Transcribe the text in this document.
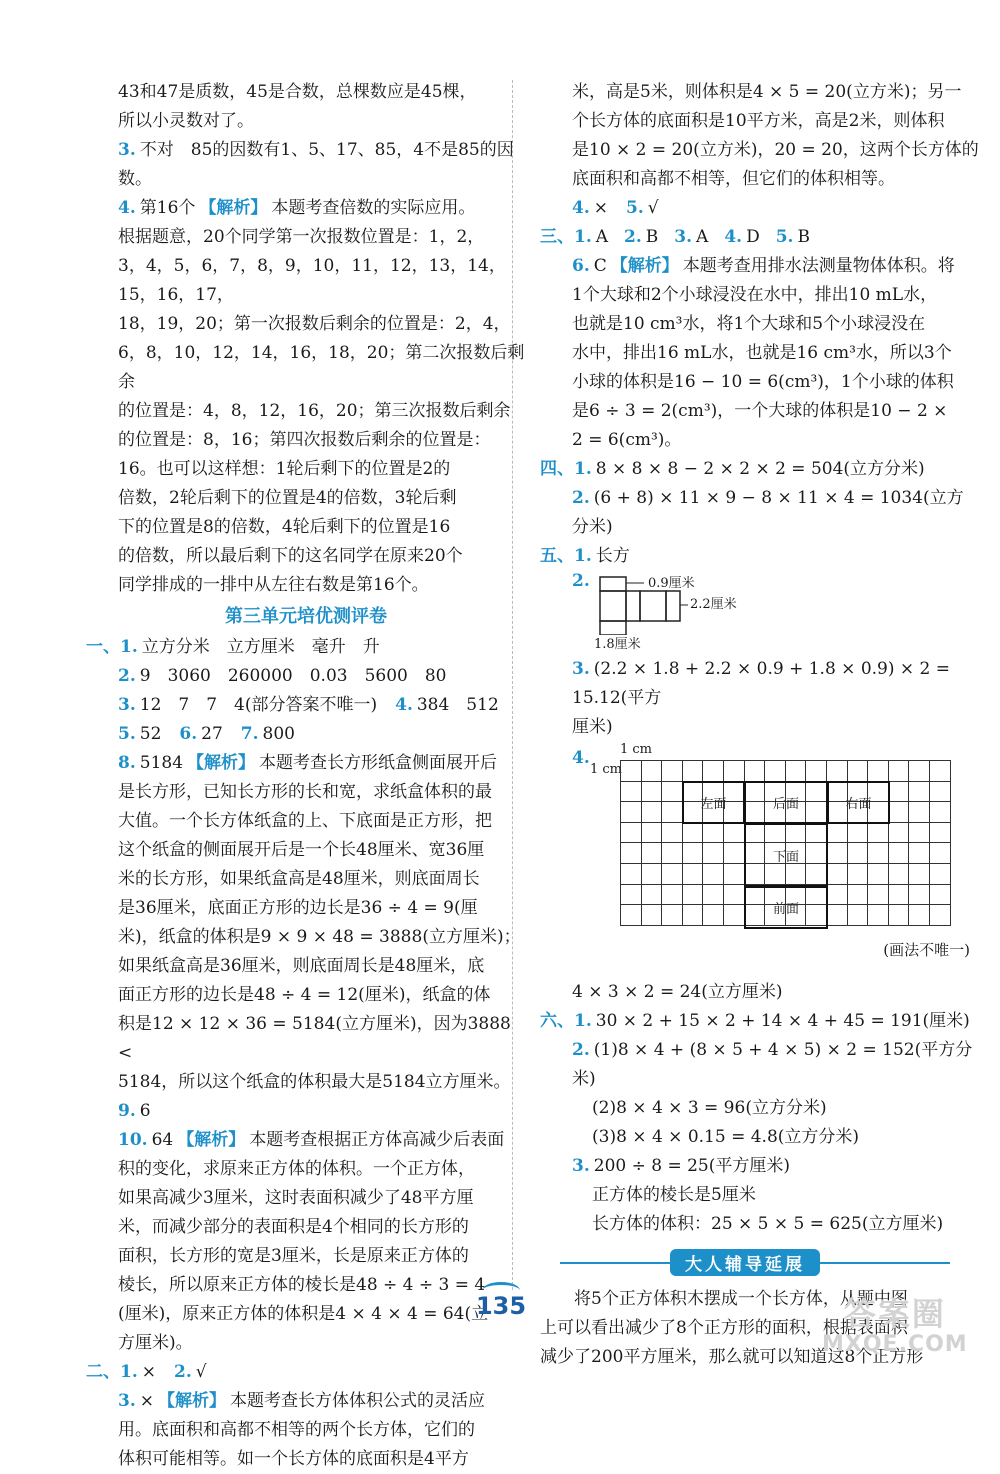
43和47是质数，45是合数，总棵数应是45棵，

所以小灵数对了。

3. 不对　85的因数有1、5、17、85，4不是85的因数。

4. 第16个 【解析】 本题考查倍数的实际应用。

根据题意，20个同学第一次报数位置是：1，2，

3，4，5，6，7，8，9，10，11，12，13，14，15，16，17，

18，19，20；第一次报数后剩余的位置是：2，4，

6，8，10，12，14，16，18，20；第二次报数后剩余

的位置是：4，8，12，16，20；第三次报数后剩余

的位置是：8，16；第四次报数后剩余的位置是：

16。也可以这样想：1轮后剩下的位置是2的

倍数，2轮后剩下的位置是4的倍数，3轮后剩

下的位置是8的倍数，4轮后剩下的位置是16

的倍数，所以最后剩下的这名同学在原来20个

同学排成的一排中从左往右数是第16个。

第三单元培优测评卷

一、1. 立方分米　立方厘米　毫升　升

2. 9　3060　260000　0.03　5600　80

3. 12　7　7　4(部分答案不唯一) 4. 384　512

5. 52 6. 27 7. 800

8. 5184 【解析】 本题考查长方形纸盒侧面展开后

是长方形，已知长方形的长和宽，求纸盒体积的最

大值。一个长方体纸盒的上、下底面是正方形，把

这个纸盒的侧面展开后是一个长48厘米、宽36厘

米的长方形，如果纸盒高是48厘米，则底面周长

是36厘米，底面正方形的边长是36 ÷ 4 = 9(厘

米)，纸盒的体积是9 × 9 × 48 = 3888(立方厘米)；

如果纸盒高是36厘米，则底面周长是48厘米，底

面正方形的边长是48 ÷ 4 = 12(厘米)，纸盒的体

积是12 × 12 × 36 = 5184(立方厘米)，因为3888 <

5184，所以这个纸盒的体积最大是5184立方厘米。

9. 6

10. 64 【解析】 本题考查根据正方体高减少后表面

积的变化，求原来正方体的体积。一个正方体，

如果高减少3厘米，这时表面积减少了48平方厘

米，而减少部分的表面积是4个相同的长方形的

面积，长方形的宽是3厘米，长是原来正方体的

棱长，所以原来正方体的棱长是48 ÷ 4 ÷ 3 = 4

(厘米)，原来正方体的体积是4 × 4 × 4 = 64(立

方厘米)。

二、1. × 2. √

3. × 【解析】 本题考查长方体体积公式的灵活应

用。底面积和高都不相等的两个长方体，它们的

体积可能相等。如一个长方体的底面积是4平方

米，高是5米，则体积是4 × 5 = 20(立方米)；另一

个长方体的底面积是10平方米，高是2米，则体积

是10 × 2 = 20(立方米)，20 = 20，这两个长方体的

底面积和高都不相等，但它们的体积相等。

4. × 5. √

三、1. A 2. B 3. A 4. D 5. B

6. C 【解析】 本题考查用排水法测量物体体积。将

1个大球和2个小球浸没在水中，排出10 mL水，

也就是10 cm³水，将1个大球和5个小球浸没在

水中，排出16 mL水，也就是16 cm³水，所以3个

小球的体积是16 − 10 = 6(cm³)，1个小球的体积

是6 ÷ 3 = 2(cm³)，一个大球的体积是10 − 2 ×

2 = 6(cm³)。

四、1. 8 × 8 × 8 − 2 × 2 × 2 = 504(立方分米)

2. (6 + 8) × 11 × 9 − 8 × 11 × 4 = 1034(立方分米)

五、1. 长方

2.	0.9厘米
2.2厘米
1.8厘米

3. (2.2 × 1.8 + 2.2 × 0.9 + 1.8 × 0.9) × 2 = 15.12(平方

厘米)

4. 1 cm
1 cm
左面	后面	右面
下面
前面
(画法不唯一)

4 × 3 × 2 = 24(立方厘米)

六、1. 30 × 2 + 15 × 2 + 14 × 4 + 45 = 191(厘米)

2. (1)8 × 4 + (8 × 5 + 4 × 5) × 2 = 152(平方分米)

(2)8 × 4 × 3 = 96(立方分米)

(3)8 × 4 × 0.15 = 4.8(立方分米)

3. 200 ÷ 8 = 25(平方厘米)

正方体的棱长是5厘米

长方体的体积：25 × 5 × 5 = 625(立方厘米)

大人辅导延展

　　将5个正方体积木摆成一个长方体，从题中图

上可以看出减少了8个正方形的面积，根据表面积

减少了200平方厘米，那么就可以知道这8个正方形

135	答案圈
MXQE.COM
